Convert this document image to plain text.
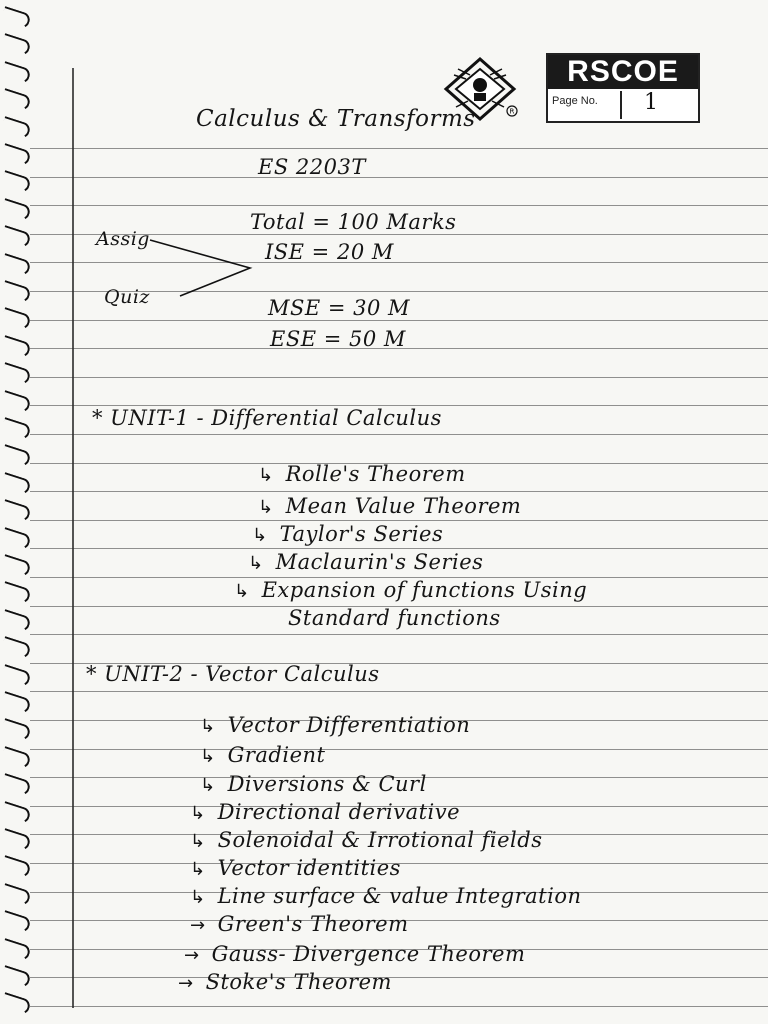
R
RSCOE
Page No. 1
Calculus & Transforms
ES 2203T
Total = 100 Marks
ISE = 20 M
Assig
Quiz	MSE = 30 M
ESE = 50 M
* UNIT-1 - Differential Calculus
↳ Rolle's Theorem
↳ Mean Value Theorem
↳ Taylor's Series
↳ Maclaurin's Series
↳ Expansion of functions Using
Standard functions
* UNIT-2 - Vector Calculus
↳ Vector Differentiation
↳ Gradient
↳ Diversions & Curl
↳ Directional derivative
↳ Solenoidal & Irrotional fields
↳ Vector identities
↳ Line surface & value Integration
→ Green's Theorem
→ Gauss- Divergence Theorem
→ Stoke's Theorem
